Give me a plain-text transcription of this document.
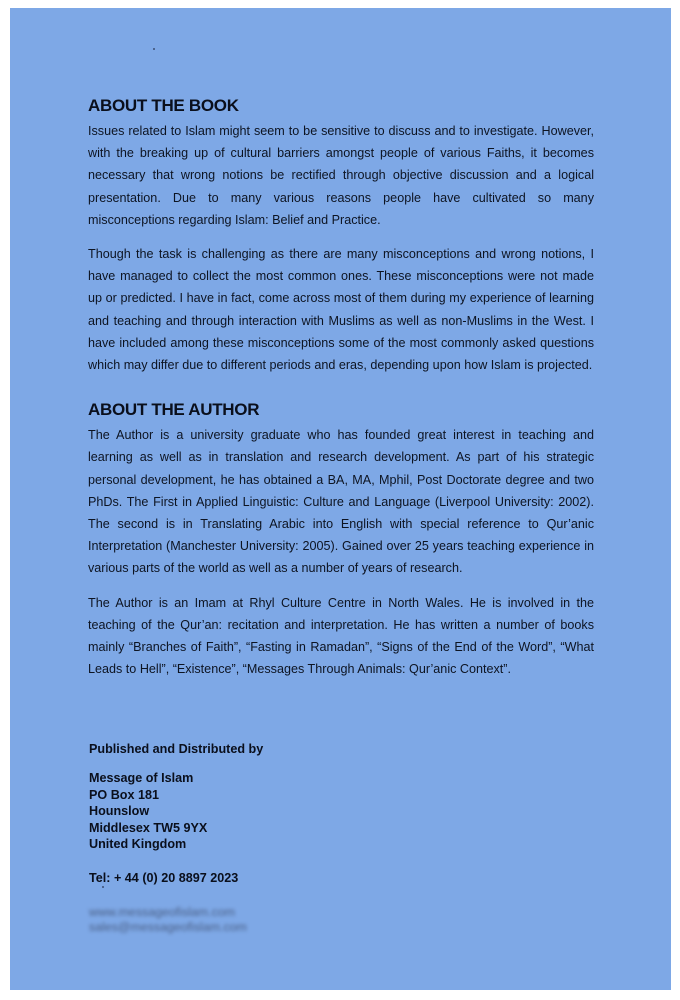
ABOUT THE BOOK

Issues related to Islam might seem to be sensitive to discuss and to investigate. However, with the breaking up of cultural barriers amongst people of various Faiths, it becomes necessary that wrong notions be rectified through objective discussion and a logical presentation. Due to many various reasons people have cultivated so many misconceptions regarding Islam: Belief and Practice.

Though the task is challenging as there are many misconceptions and wrong notions, I have managed to collect the most common ones. These misconceptions were not made up or predicted. I have in fact, come across most of them during my experience of learning and teaching and through interaction with Muslims as well as non-Muslims in the West. I have included among these misconceptions some of the most commonly asked questions which may differ due to different periods and eras, depending upon how Islam is projected.

ABOUT THE AUTHOR

The Author is a university graduate who has founded great interest in teaching and learning as well as in translation and research development. As part of his strategic personal development, he has obtained a BA, MA, Mphil, Post Doctorate degree and two PhDs. The First in Applied Linguistic: Culture and Language (Liverpool University: 2002). The second is in Translating Arabic into English with special reference to Qur’anic Interpretation (Manchester University: 2005). Gained over 25 years teaching experience in various parts of the world as well as a number of years of research.

The Author is an Imam at Rhyl Culture Centre in North Wales. He is involved in the teaching of the Qur’an: recitation and interpretation. He has written a number of books mainly “Branches of Faith”, “Fasting in Ramadan”, “Signs of the End of the Word”, “What Leads to Hell”, “Existence”, “Messages Through Animals: Qur’anic Context”.

Published and Distributed by
Message of Islam
PO Box 181
Hounslow
Middlesex TW5 9YX
United Kingdom
Tel: + 44 (0) 20 8897 2023
www.messageofislam.com
sales@messageofislam.com
